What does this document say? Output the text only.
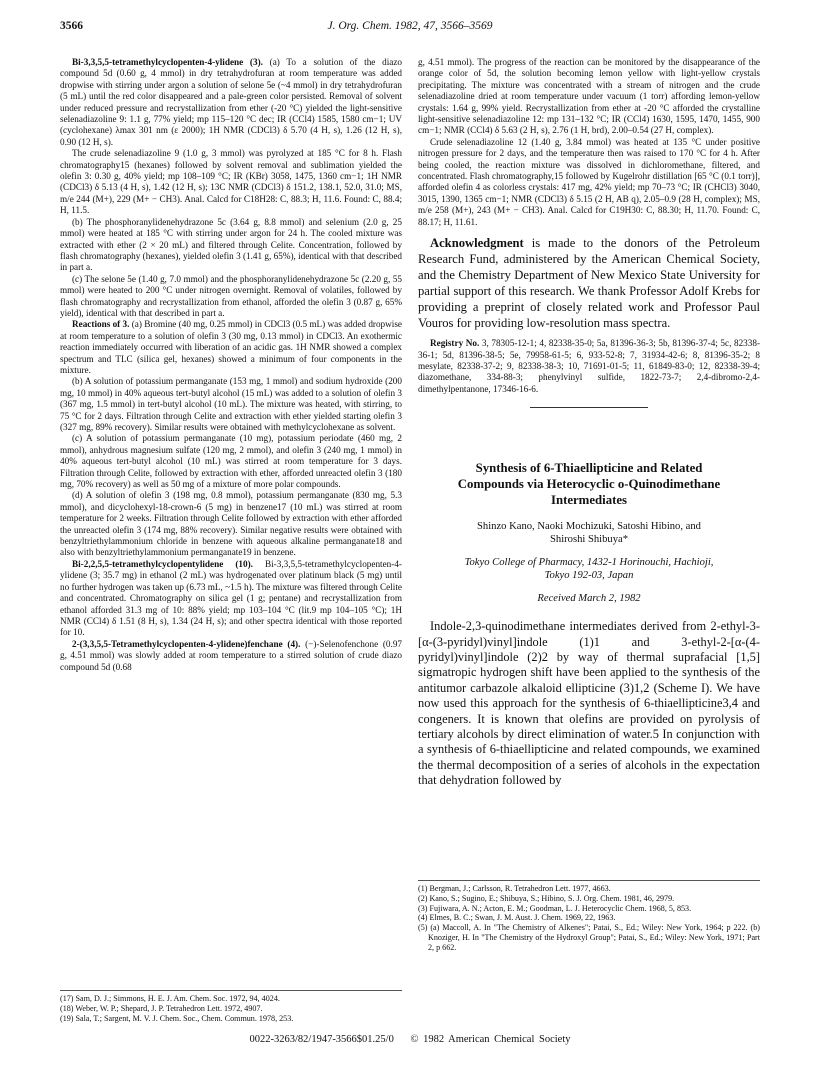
3566	J. Org. Chem. 1982, 47, 3566–3569

Bi-3,3,5,5-tetramethylcyclopenten-4-ylidene (3). (a) To a solution of the diazo compound 5d (0.60 g, 4 mmol) in dry tetrahydrofuran at room temperature was added dropwise with stirring under argon a solution of selone 5e (~4 mmol) in dry tetrahydrofuran (5 mL) until the red color disappeared and a pale-green color persisted. Removal of solvent under reduced pressure and recrystallization from ether (-20 °C) yielded the light-sensitive selenadiazoline 9: 1.1 g, 77% yield; mp 115–120 °C dec; IR (CCl4) 1585, 1580 cm−1; UV (cyclohexane) λmax 301 nm (ε 2000); 1H NMR (CDCl3) δ 5.70 (4 H, s), 1.26 (12 H, s), 0.90 (12 H, s).

The crude selenadiazoline 9 (1.0 g, 3 mmol) was pyrolyzed at 185 °C for 8 h. Flash chromatography15 (hexanes) followed by solvent removal and sublimation yielded the olefin 3: 0.30 g, 40% yield; mp 108–109 °C; IR (KBr) 3058, 1475, 1360 cm−1; 1H NMR (CDCl3) δ 5.13 (4 H, s), 1.42 (12 H, s); 13C NMR (CDCl3) δ 151.2, 138.1, 52.0, 31.0; MS, m/e 244 (M+), 229 (M+ − CH3). Anal. Calcd for C18H28: C, 88.3; H, 11.6. Found: C, 88.4; H, 11.5.

(b) The phosphoranylidenehydrazone 5c (3.64 g, 8.8 mmol) and selenium (2.0 g, 25 mmol) were heated at 185 °C with stirring under argon for 24 h. The cooled mixture was extracted with ether (2 × 20 mL) and filtered through Celite. Concentration, followed by flash chromatography (hexanes), yielded olefin 3 (1.41 g, 65%), identical with that described in part a.

(c) The selone 5e (1.40 g, 7.0 mmol) and the phosphoranylidenehydrazone 5c (2.20 g, 55 mmol) were heated to 200 °C under nitrogen overnight. Removal of volatiles, followed by flash chromatography and recrystallization from ethanol, afforded the olefin 3 (0.87 g, 65% yield), identical with that described in part a.

Reactions of 3. (a) Bromine (40 mg, 0.25 mmol) in CDCl3 (0.5 mL) was added dropwise at room temperature to a solution of olefin 3 (30 mg, 0.13 mmol) in CDCl3. An exothermic reaction immediately occurred with liberation of an acidic gas. 1H NMR showed a complex spectrum and TLC (silica gel, hexanes) showed a minimum of four components in the mixture.

(b) A solution of potassium permanganate (153 mg, 1 mmol) and sodium hydroxide (200 mg, 10 mmol) in 40% aqueous tert-butyl alcohol (15 mL) was added to a solution of olefin 3 (367 mg, 1.5 mmol) in tert-butyl alcohol (10 mL). The mixture was heated, with stirring, to 75 °C for 2 days. Filtration through Celite and extraction with ether yielded starting olefin 3 (327 mg, 89% recovery). Similar results were obtained with methylcyclohexane as solvent.

(c) A solution of potassium permanganate (10 mg), potassium periodate (460 mg, 2 mmol), anhydrous magnesium sulfate (120 mg, 2 mmol), and olefin 3 (240 mg, 1 mmol) in 40% aqueous tert-butyl alcohol (10 mL) was stirred at room temperature for 3 days. Filtration through Celite, followed by extraction with ether, afforded unreacted olefin 3 (180 mg, 70% recovery) as well as 50 mg of a mixture of more polar compounds.

(d) A solution of olefin 3 (198 mg, 0.8 mmol), potassium permanganate (830 mg, 5.3 mmol), and dicyclohexyl-18-crown-6 (5 mg) in benzene17 (10 mL) was stirred at room temperature for 2 weeks. Filtration through Celite followed by extraction with ether afforded the unreacted olefin 3 (174 mg, 88% recovery). Similar negative results were obtained with benzyltriethylammonium chloride in benzene with aqueous alkaline permanganate18 and also with benzyltriethylammonium permanganate19 in benzene.

Bi-2,2,5,5-tetramethylcyclopentylidene (10). Bi-3,3,5,5-tetramethylcyclopenten-4-ylidene (3; 35.7 mg) in ethanol (2 mL) was hydrogenated over platinum black (5 mg) until no further hydrogen was taken up (6.73 mL, ~1.5 h). The mixture was filtered through Celite and concentrated. Chromatography on silica gel (1 g; pentane) and recrystallization from ethanol afforded 31.3 mg of 10: 88% yield; mp 103–104 °C (lit.9 mp 104–105 °C); 1H NMR (CCl4) δ 1.51 (8 H, s), 1.34 (24 H, s); and other spectra identical with those reported for 10.

2-(3,3,5,5-Tetramethylcyclopenten-4-ylidene)fenchane (4). (−)-Selenofenchone (0.97 g, 4.51 mmol) was slowly added at room temperature to a stirred solution of crude diazo compound 5d (0.68

g, 4.51 mmol). The progress of the reaction can be monitored by the disappearance of the orange color of 5d, the solution becoming lemon yellow with light-yellow crystals precipitating. The mixture was concentrated with a stream of nitrogen and the crude selenadiazoline dried at room temperature under vacuum (1 torr) affording lemon-yellow crystals: 1.64 g, 99% yield. Recrystallization from ether at -20 °C afforded the crystalline light-sensitive selenadiazoline 12: mp 131–132 °C; IR (CCl4) 1630, 1595, 1470, 1455, 900 cm−1; NMR (CCl4) δ 5.63 (2 H, s), 2.76 (1 H, brd), 2.00–0.54 (27 H, complex).

Crude selenadiazoline 12 (1.40 g, 3.84 mmol) was heated at 135 °C under positive nitrogen pressure for 2 days, and the temperature then was raised to 170 °C for 4 h. After being cooled, the reaction mixture was dissolved in dichloromethane, filtered, and concentrated. Flash chromatography,15 followed by Kugelrohr distillation [65 °C (0.1 torr)], afforded olefin 4 as colorless crystals: 417 mg, 42% yield; mp 70–73 °C; IR (CHCl3) 3040, 3015, 1390, 1365 cm−1; NMR (CDCl3) δ 5.15 (2 H, AB q), 2.05–0.9 (28 H, complex); MS, m/e 258 (M+), 243 (M+ − CH3). Anal. Calcd for C19H30: C, 88.30; H, 11.70. Found: C, 88.17; H, 11.61.

Acknowledgment is made to the donors of the Petroleum Research Fund, administered by the American Chemical Society, and the Chemistry Department of New Mexico State University for partial support of this research. We thank Professor Adolf Krebs for providing a preprint of closely related work and Professor Paul Vouros for providing low-resolution mass spectra.

Registry No. 3, 78305-12-1; 4, 82338-35-0; 5a, 81396-36-3; 5b, 81396-37-4; 5c, 82338-36-1; 5d, 81396-38-5; 5e, 79958-61-5; 6, 933-52-8; 7, 31934-42-6; 8, 81396-35-2; 8 mesylate, 82338-37-2; 9, 82338-38-3; 10, 71691-01-5; 11, 61849-83-0; 12, 82338-39-4; diazomethane, 334-88-3; phenylvinyl sulfide, 1822-73-7; 2,4-dibromo-2,4-dimethylpentanone, 17346-16-6.

Synthesis of 6-Thiaellipticine and Related
Compounds via Heterocyclic o-Quinodimethane
Intermediates
Shinzo Kano, Naoki Mochizuki, Satoshi Hibino, and
Shiroshi Shibuya*
Tokyo College of Pharmacy, 1432-1 Horinouchi, Hachioji,
Tokyo 192-03, Japan
Received March 2, 1982

Indole-2,3-quinodimethane intermediates derived from 2-ethyl-3-[α-(3-pyridyl)vinyl]indole (1)1 and 3-ethyl-2-[α-(4-pyridyl)vinyl]indole (2)2 by way of thermal suprafacial [1,5] sigmatropic hydrogen shift have been applied to the synthesis of the antitumor carbazole alkaloid ellipticine (3)1,2 (Scheme I). We have now used this approach for the synthesis of 6-thiaellipticine3,4 and congeners. It is known that olefins are provided on pyrolysis of tertiary alcohols by direct elimination of water.5 In conjunction with a synthesis of 6-thiaellipticine and related compounds, we examined the thermal decomposition of a series of alcohols in the expectation that dehydration followed by

(17) Sam, D. J.; Simmons, H. E. J. Am. Chem. Soc. 1972, 94, 4024.
(18) Weber, W. P.; Shepard, J. P. Tetrahedron Lett. 1972, 4907.
(19) Sala, T.; Sargent, M. V. J. Chem. Soc., Chem. Commun. 1978, 253.
(1) Bergman, J.; Carlsson, R. Tetrahedron Lett. 1977, 4663.
(2) Kano, S.; Sugino, E.; Shibuya, S.; Hibino, S. J. Org. Chem. 1981, 46, 2979.
(3) Fujiwara, A. N.; Acton, E. M.; Goodman, L. J. Heterocyclic Chem. 1968, 5, 853.
(4) Elmes, B. C.; Swan, J. M. Aust. J. Chem. 1969, 22, 1963.
(5) (a) Maccoll, A. In "The Chemistry of Alkenes"; Patai, S., Ed.; Wiley: New York, 1964; p 222. (b) Knoziger, H. In "The Chemistry of the Hydroxyl Group"; Patai, S., Ed.; Wiley: New York, 1971; Part 2, p 662.
0022-3263/82/1947-3566$01.25/0 © 1982 American Chemical Society
